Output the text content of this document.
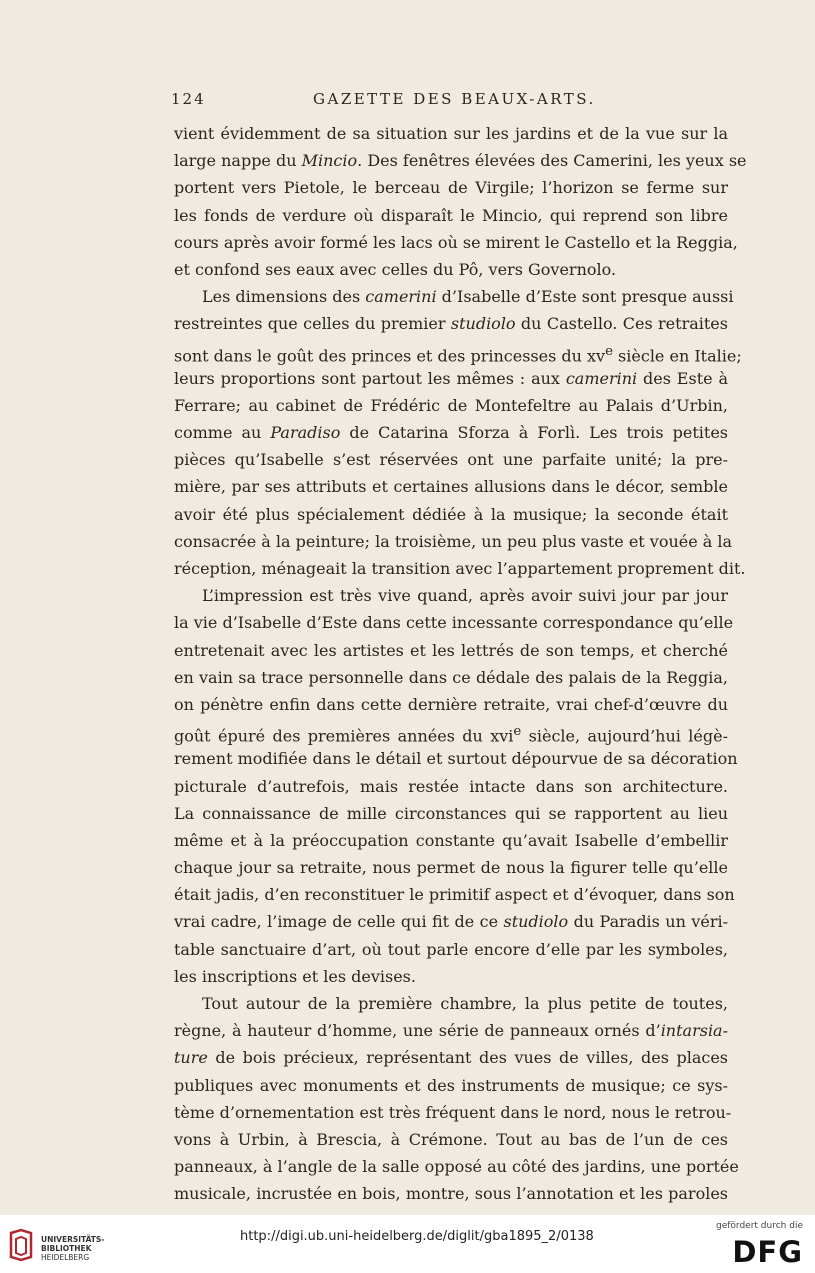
124	GAZETTE DES BEAUX-ARTS.
vient évidemment de sa situation sur les jardins et de la vue sur la
large nappe du Mincio. Des fenêtres élevées des Camerini, les yeux se
portent vers Pietole, le berceau de Virgile; l’horizon se ferme sur
les fonds de verdure où disparaît le Mincio, qui reprend son libre
cours après avoir formé les lacs où se mirent le Castello et la Reggia,
et confond ses eaux avec celles du Pô, vers Governolo.
Les dimensions des camerini d’Isabelle d’Este sont presque aussi
restreintes que celles du premier studiolo du Castello. Ces retraites
sont dans le goût des princes et des princesses du $xv^e$ siècle en Italie;
leurs proportions sont partout les mêmes : aux camerini des Este à
Ferrare; au cabinet de Frédéric de Montefeltre au Palais d’Urbin,
comme au Paradiso de Catarina Sforza à Forlì. Les trois petites
pièces qu’Isabelle s’est réservées ont une parfaite unité; la pre-
mière, par ses attributs et certaines allusions dans le décor, semble
avoir été plus spécialement dédiée à la musique; la seconde était
consacrée à la peinture; la troisième, un peu plus vaste et vouée à la
réception, ménageait la transition avec l’appartement proprement dit.
L’impression est très vive quand, après avoir suivi jour par jour
la vie d’Isabelle d’Este dans cette incessante correspondance qu’elle
entretenait avec les artistes et les lettrés de son temps, et cherché
en vain sa trace personnelle dans ce dédale des palais de la Reggia,
on pénètre enfin dans cette dernière retraite, vrai chef-d’œuvre du
goût épuré des premières années du xvi$^e$ siècle, aujourd’hui légè-
rement modifiée dans le détail et surtout dépourvue de sa décoration
picturale d’autrefois, mais restée intacte dans son architecture.
La connaissance de mille circonstances qui se rapportent au lieu
même et à la préoccupation constante qu’avait Isabelle d’embellir
chaque jour sa retraite, nous permet de nous la figurer telle qu’elle
était jadis, d’en reconstituer le primitif aspect et d’évoquer, dans son
vrai cadre, l’image de celle qui fit de ce studiolo du Paradis un véri-
table sanctuaire d’art, où tout parle encore d’elle par les symboles,
les inscriptions et les devises.
Tout autour de la première chambre, la plus petite de toutes,
règne, à hauteur d’homme, une série de panneaux ornés d’intarsia-
ture de bois précieux, représentant des vues de villes, des places
publiques avec monuments et des instruments de musique; ce sys-
tème d’ornementation est très fréquent dans le nord, nous le retrou-
vons à Urbin, à Brescia, à Crémone. Tout au bas de l’un de ces
panneaux, à l’angle de la salle opposé au côté des jardins, une portée
musicale, incrustée en bois, montre, sous l’annotation et les paroles
UNIVERSITÄTS-
BIBLIOTHEK
HEIDELBERG
http://digi.ub.uni-heidelberg.de/diglit/gba1895_2/0138
gefördert durch die
DFG
